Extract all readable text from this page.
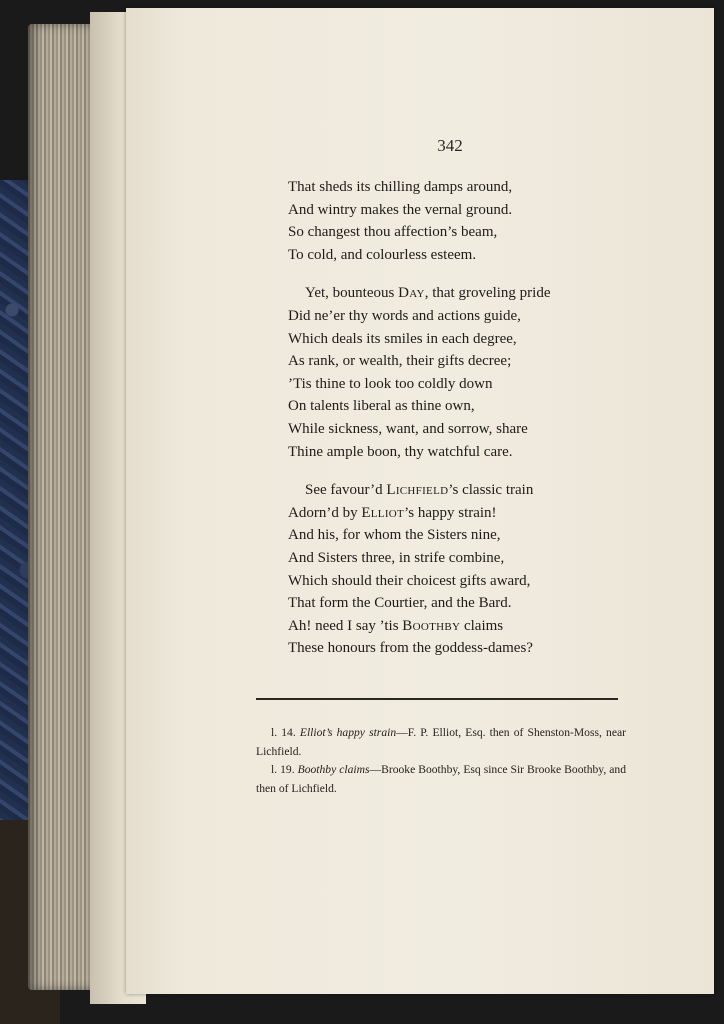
342
That sheds its chilling damps around,
And wintry makes the vernal ground.
So changest thou affection’s beam,
To cold, and colourless esteem.
Yet, bounteous Day, that groveling pride
Did ne’er thy words and actions guide,
Which deals its smiles in each degree,
As rank, or wealth, their gifts decree;
’Tis thine to look too coldly down
On talents liberal as thine own,
While sickness, want, and sorrow, share
Thine ample boon, thy watchful care.
See favour’d Lichfield’s classic train
Adorn’d by Elliot’s happy strain!
And his, for whom the Sisters nine,
And Sisters three, in strife combine,
Which should their choicest gifts award,
That form the Courtier, and the Bard.
Ah! need I say ’tis Boothby claims
These honours from the goddess-dames?
l. 14. Elliot’s happy strain—F. P. Elliot, Esq. then of Shenston-Moss, near Lichfield.
l. 19. Boothby claims—Brooke Boothby, Esq since Sir Brooke Boothby, and then of Lichfield.
